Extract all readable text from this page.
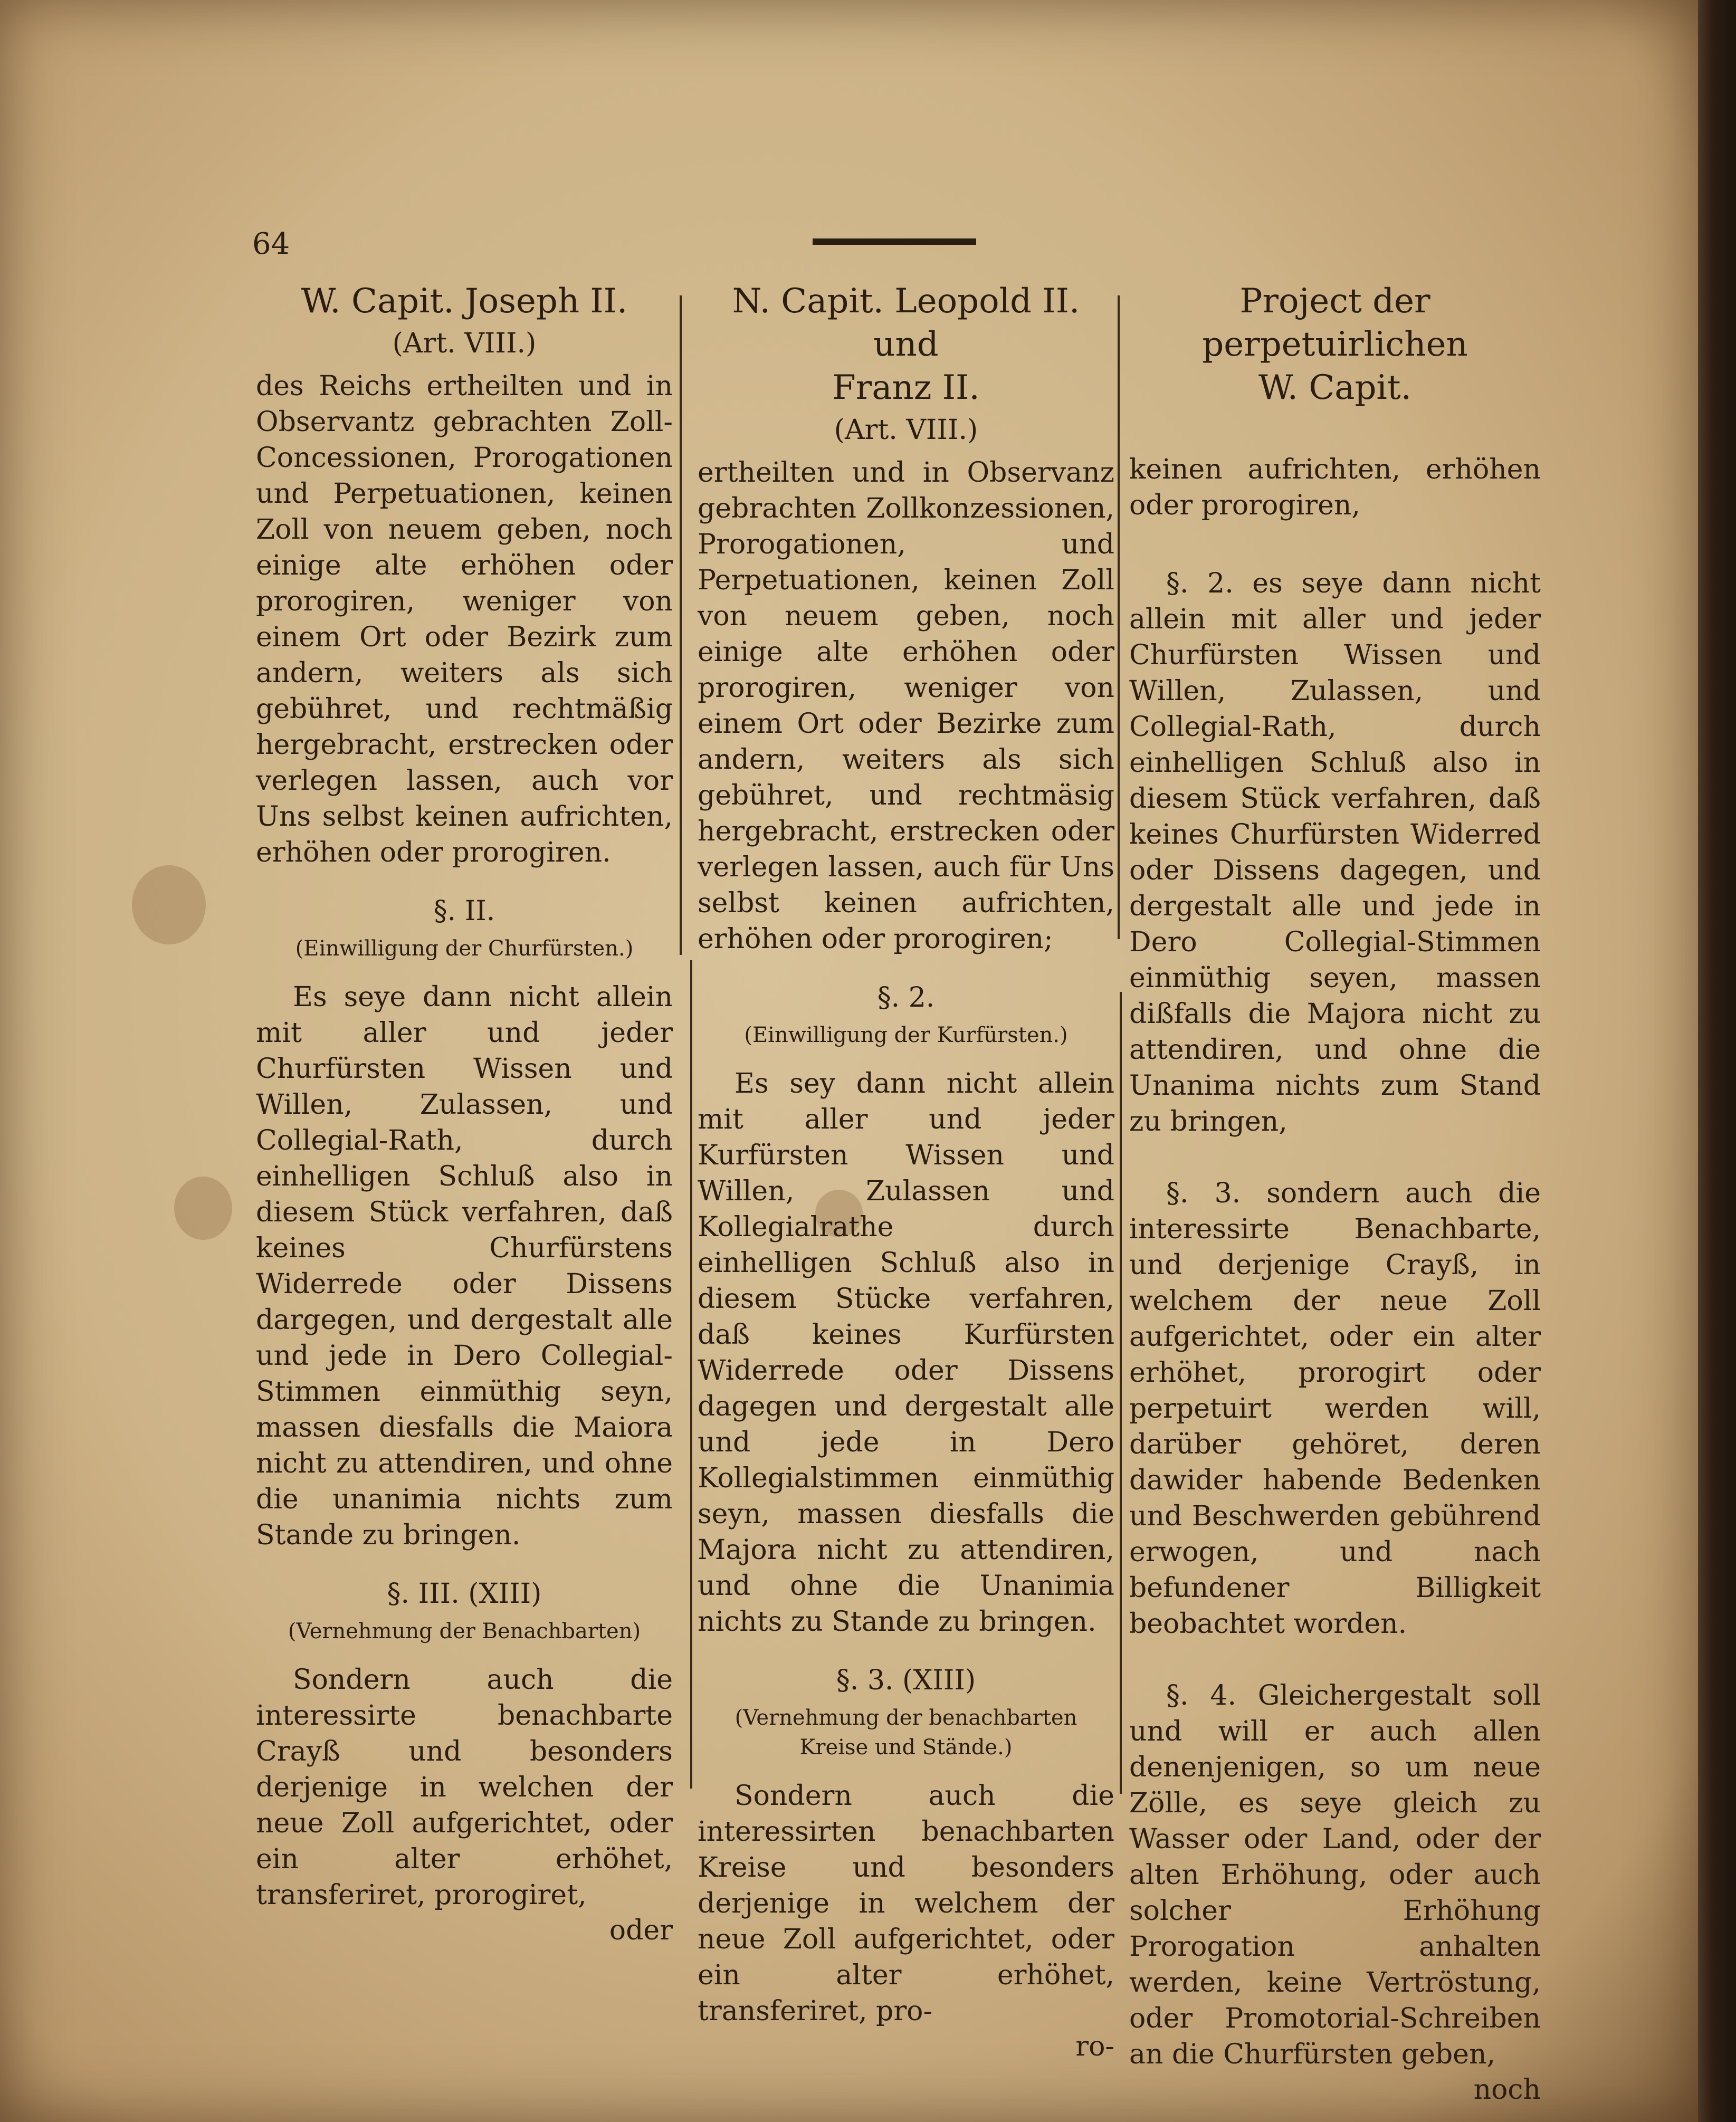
64
W. Capit. Joseph II.
(Art. VIII.)

des Reichs ertheilten und in Observantz gebrachten Zoll-Concessionen, Prorogationen und Perpetuationen, keinen Zoll von neuem geben, noch einige alte erhöhen oder prorogiren, weniger von einem Ort oder Bezirk zum andern, weiters als sich gebühret, und rechtmäßig hergebracht, erstrecken oder verlegen lassen, auch vor Uns selbst keinen aufrichten, erhöhen oder prorogiren.

§. II.
(Einwilligung der Churfürsten.)

Es seye dann nicht allein mit aller und jeder Churfürsten Wissen und Willen, Zulassen, und Collegial-Rath, durch einhelligen Schluß also in diesem Stück verfahren, daß keines Churfürstens Widerrede oder Dissens dargegen, und dergestalt alle und jede in Dero Collegial-Stimmen einmüthig seyn, massen diesfalls die Maiora nicht zu attendiren, und ohne die unanimia nichts zum Stande zu bringen.

§. III. (XIII)
(Vernehmung der Benachbarten)

Sondern auch die interessirte benachbarte Crayß und besonders derjenige in welchen der neue Zoll aufgerichtet, oder ein alter erhöhet, transferiret, prorogiret,

oder

N. Capit. Leopold II. und
Franz II.
(Art. VIII.)

ertheilten und in Observanz gebrachten Zollkonzessionen, Prorogationen, und Perpetuationen, keinen Zoll von neuem geben, noch einige alte erhöhen oder prorogiren, weniger von einem Ort oder Bezirke zum andern, weiters als sich gebühret, und rechtmäsig hergebracht, erstrecken oder verlegen lassen, auch für Uns selbst keinen aufrichten, erhöhen oder prorogiren;

§. 2.
(Einwilligung der Kurfürsten.)

Es sey dann nicht allein mit aller und jeder Kurfürsten Wissen und Willen, Zulassen und Kollegialrathe durch einhelligen Schluß also in diesem Stücke verfahren, daß keines Kurfürsten Widerrede oder Dissens dagegen und dergestalt alle und jede in Dero Kollegialstimmen einmüthig seyn, massen diesfalls die Majora nicht zu attendiren, und ohne die Unanimia nichts zu Stande zu bringen.

§. 3. (XIII)
(Vernehmung der benachbarten Kreise und Stände.)

Sondern auch die interessirten benachbarten Kreise und besonders derjenige in welchem der neue Zoll aufgerichtet, oder ein alter erhöhet, transferiret, pro-

ro-

Project der perpetuirlichen
W. Capit.

keinen aufrichten, erhöhen oder prorogiren,

§. 2. es seye dann nicht allein mit aller und jeder Churfürsten Wissen und Willen, Zulassen, und Collegial-Rath, durch einhelligen Schluß also in diesem Stück verfahren, daß keines Churfürsten Widerred oder Dissens dagegen, und dergestalt alle und jede in Dero Collegial-Stimmen einmüthig seyen, massen dißfalls die Majora nicht zu attendiren, und ohne die Unanima nichts zum Stand zu bringen,

§. 3. sondern auch die interessirte Benachbarte, und derjenige Crayß, in welchem der neue Zoll aufgerichtet, oder ein alter erhöhet, prorogirt oder perpetuirt werden will, darüber gehöret, deren dawider habende Bedenken und Beschwerden gebührend erwogen, und nach befundener Billigkeit beobachtet worden.

§. 4. Gleichergestalt soll und will er auch allen denenjenigen, so um neue Zölle, es seye gleich zu Wasser oder Land, oder der alten Erhöhung, oder auch solcher Erhöhung Prorogation anhalten werden, keine Vertröstung, oder Promotorial-Schreiben an die Churfürsten geben,

noch
